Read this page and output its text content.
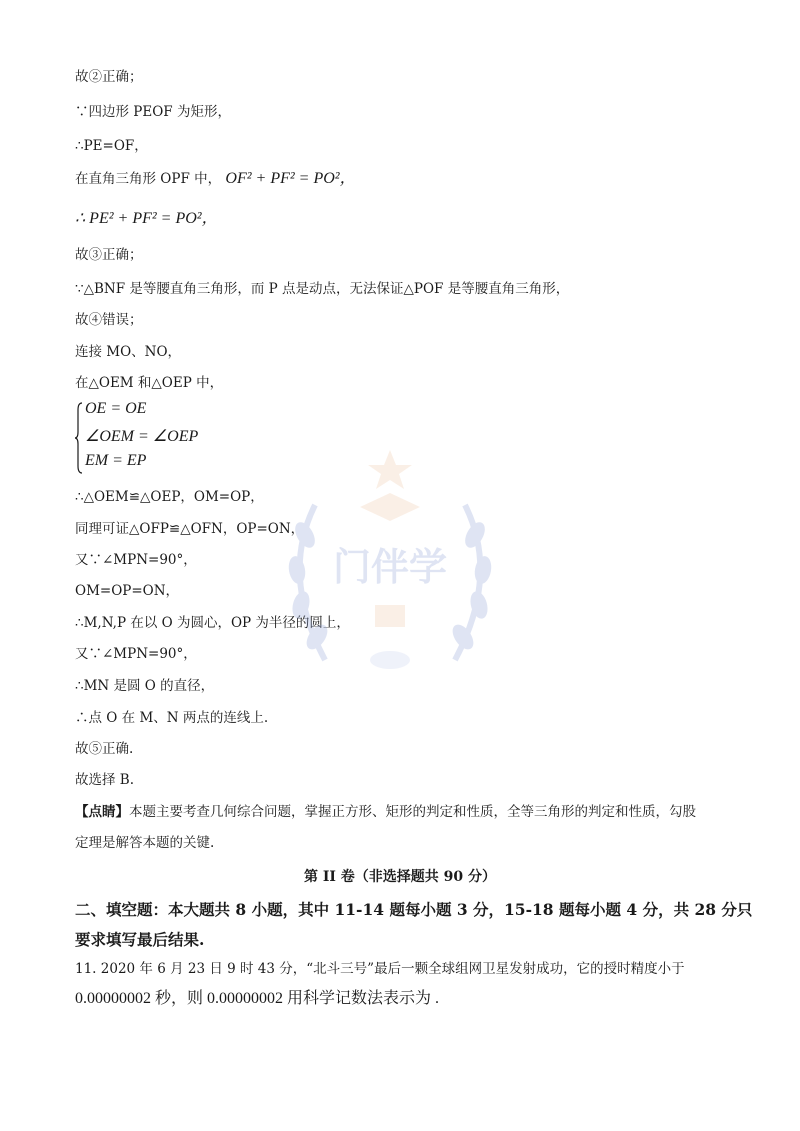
故②正确；
∵四边形 PEOF 为矩形，
∴PE=OF，
在直角三角形 OPF 中， OF² + PF² = PO²，
∴ PE² + PF² = PO²，
故③正确；
∵△BNF 是等腰直角三角形，而 P 点是动点，无法保证△POF 是等腰直角三角形，
故④错误；
连接 MO、NO，
在△OEM 和△OEP 中，
OE = OE
∠OEM = ∠OEP
EM = EP
∴△OEM≌△OEP，OM=OP，
同理可证△OFP≌△OFN，OP=ON，
又∵∠MPN=90°，
OM=OP=ON，
∴M,N,P 在以 O 为圆心，OP 为半径的圆上，
又∵∠MPN=90°，
∴MN 是圆 O 的直径，
∴点 O 在 M、N 两点的连线上.
故⑤正确.
故选择 B.
【点睛】本题主要考查几何综合问题，掌握正方形、矩形的判定和性质，全等三角形的判定和性质，勾股
定理是解答本题的关键.
第 II 卷（非选择题共 90 分）
二、填空题：本大题共 8 小题，其中 11-14 题每小题 3 分，15-18 题每小题 4 分，共 28 分只
要求填写最后结果.
11. 2020 年 6 月 23 日 9 时 43 分，“北斗三号”最后一颗全球组网卫星发射成功，它的授时精度小于
0.00000002 秒，则 0.00000002 用科学记数法表示为 .
门伴学
